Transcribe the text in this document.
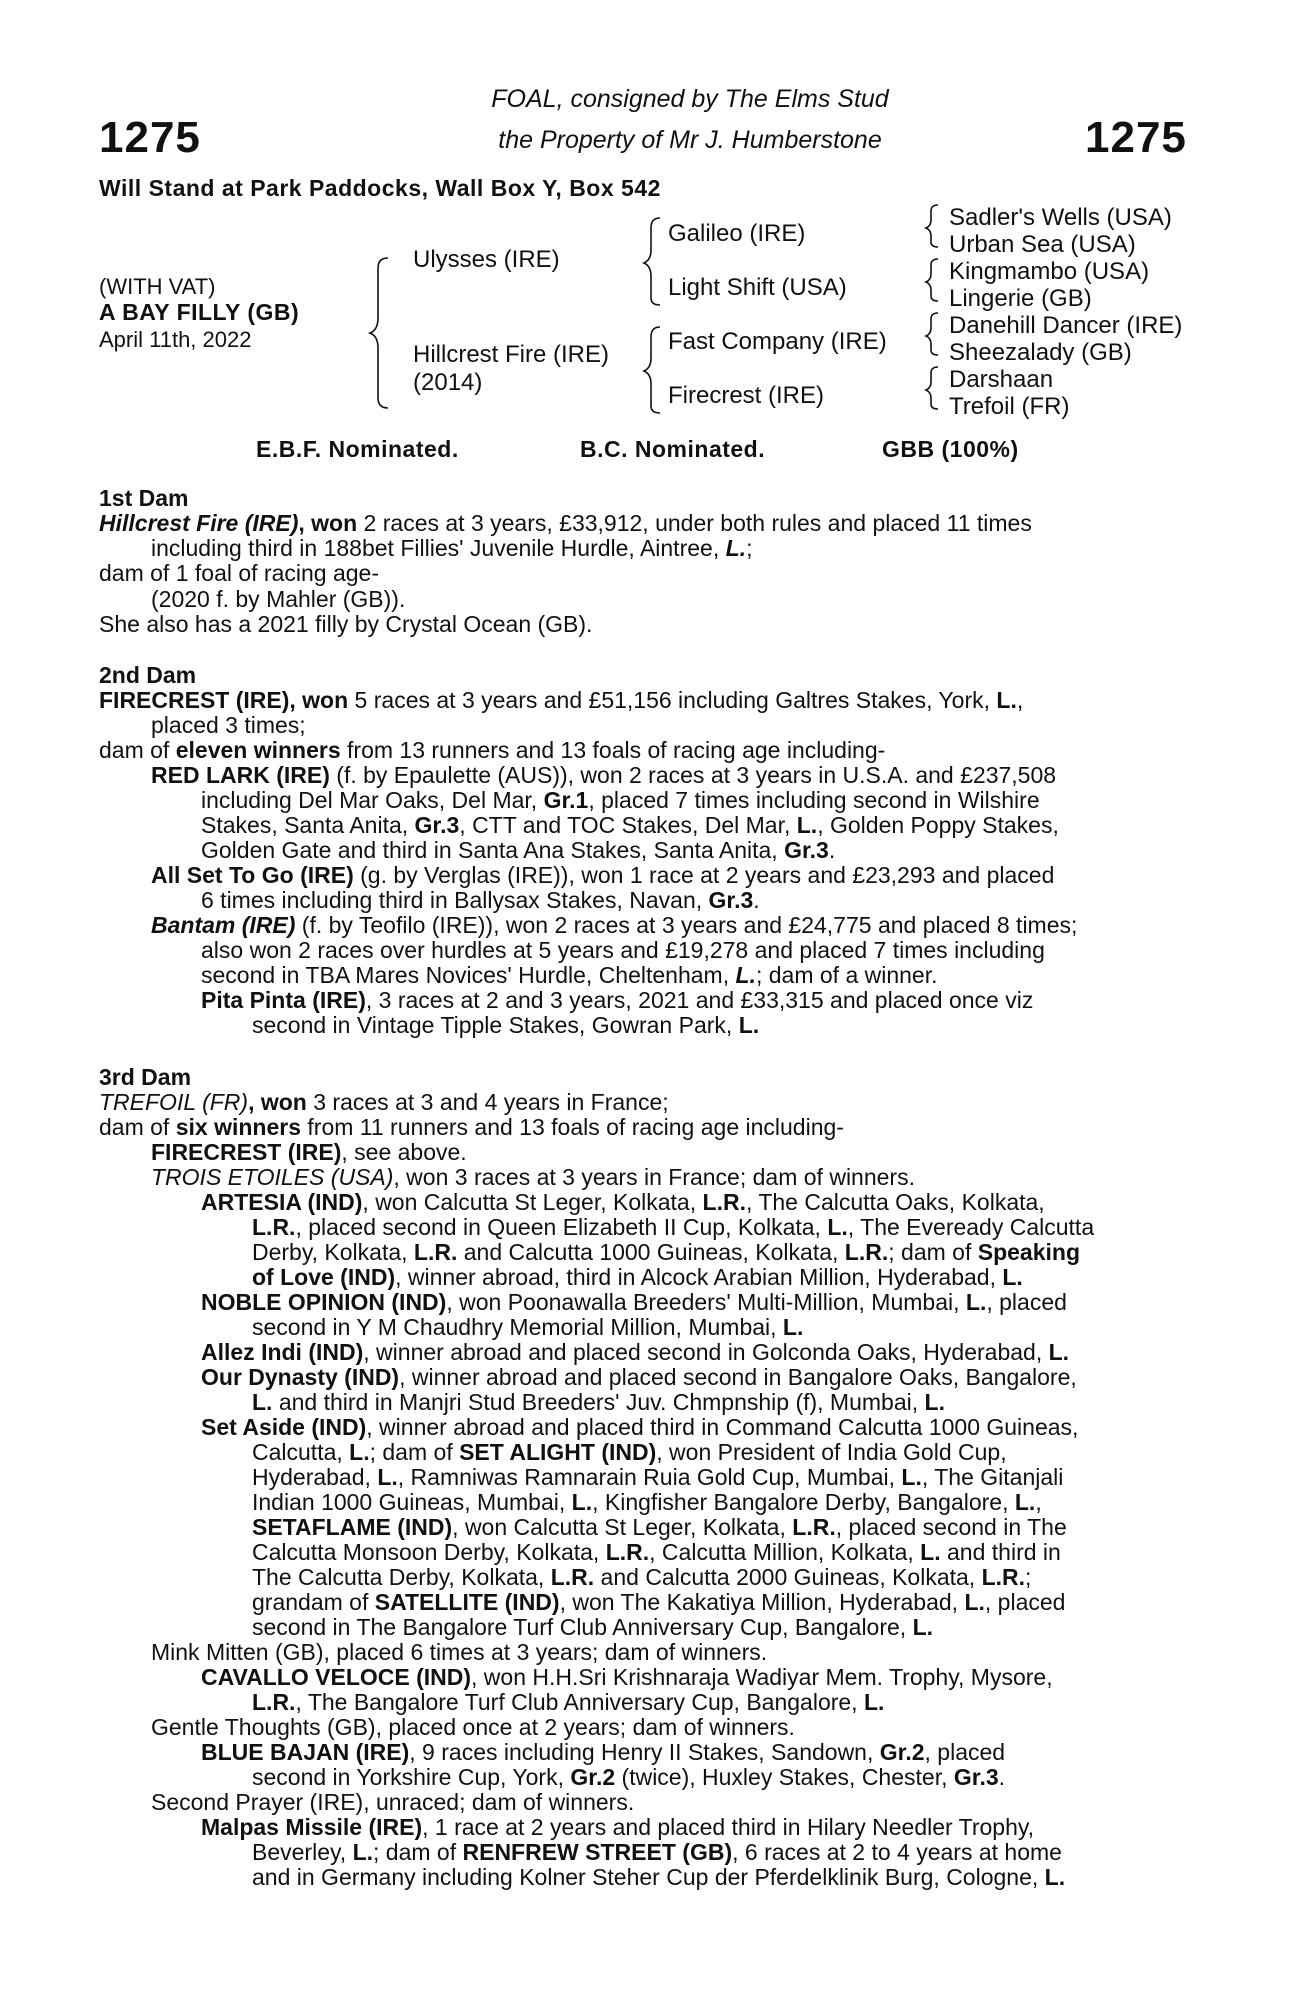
FOAL, consigned by The Elms Stud
1275	the Property of Mr J. Humberstone	1275
Will Stand at Park Paddocks, Wall Box Y, Box 542
(WITH VAT)
A BAY FILLY (GB)
April 11th, 2022
Ulysses (IRE)
Hillcrest Fire (IRE)
(2014)
Galileo (IRE)
Light Shift (USA)
Fast Company (IRE)
Firecrest (IRE)
Sadler's Wells (USA)
Urban Sea (USA)
Kingmambo (USA)
Lingerie (GB)
Danehill Dancer (IRE)
Sheezalady (GB)
Darshaan
Trefoil (FR)
E.B.F. Nominated.	B.C. Nominated.	GBB (100%)
1st Dam
Hillcrest Fire (IRE), won 2 races at 3 years, £33,912, under both rules and placed 11 times
including third in 188bet Fillies' Juvenile Hurdle, Aintree, L.;
dam of 1 foal of racing age-
(2020 f. by Mahler (GB)).
She also has a 2021 filly by Crystal Ocean (GB).
2nd Dam
FIRECREST (IRE), won 5 races at 3 years and £51,156 including Galtres Stakes, York, L.,
placed 3 times;
dam of eleven winners from 13 runners and 13 foals of racing age including-
RED LARK (IRE) (f. by Epaulette (AUS)), won 2 races at 3 years in U.S.A. and £237,508
including Del Mar Oaks, Del Mar, Gr.1, placed 7 times including second in Wilshire
Stakes, Santa Anita, Gr.3, CTT and TOC Stakes, Del Mar, L., Golden Poppy Stakes,
Golden Gate and third in Santa Ana Stakes, Santa Anita, Gr.3.
All Set To Go (IRE) (g. by Verglas (IRE)), won 1 race at 2 years and £23,293 and placed
6 times including third in Ballysax Stakes, Navan, Gr.3.
Bantam (IRE) (f. by Teofilo (IRE)), won 2 races at 3 years and £24,775 and placed 8 times;
also won 2 races over hurdles at 5 years and £19,278 and placed 7 times including
second in TBA Mares Novices' Hurdle, Cheltenham, L.; dam of a winner.
Pita Pinta (IRE), 3 races at 2 and 3 years, 2021 and £33,315 and placed once viz
second in Vintage Tipple Stakes, Gowran Park, L.
3rd Dam
TREFOIL (FR), won 3 races at 3 and 4 years in France;
dam of six winners from 11 runners and 13 foals of racing age including-
FIRECREST (IRE), see above.
TROIS ETOILES (USA), won 3 races at 3 years in France; dam of winners.
ARTESIA (IND), won Calcutta St Leger, Kolkata, L.R., The Calcutta Oaks, Kolkata,
L.R., placed second in Queen Elizabeth II Cup, Kolkata, L., The Eveready Calcutta
Derby, Kolkata, L.R. and Calcutta 1000 Guineas, Kolkata, L.R.; dam of Speaking
of Love (IND), winner abroad, third in Alcock Arabian Million, Hyderabad, L.
NOBLE OPINION (IND), won Poonawalla Breeders' Multi-Million, Mumbai, L., placed
second in Y M Chaudhry Memorial Million, Mumbai, L.
Allez Indi (IND), winner abroad and placed second in Golconda Oaks, Hyderabad, L.
Our Dynasty (IND), winner abroad and placed second in Bangalore Oaks, Bangalore,
L. and third in Manjri Stud Breeders' Juv. Chmpnship (f), Mumbai, L.
Set Aside (IND), winner abroad and placed third in Command Calcutta 1000 Guineas,
Calcutta, L.; dam of SET ALIGHT (IND), won President of India Gold Cup,
Hyderabad, L., Ramniwas Ramnarain Ruia Gold Cup, Mumbai, L., The Gitanjali
Indian 1000 Guineas, Mumbai, L., Kingfisher Bangalore Derby, Bangalore, L.,
SETAFLAME (IND), won Calcutta St Leger, Kolkata, L.R., placed second in The
Calcutta Monsoon Derby, Kolkata, L.R., Calcutta Million, Kolkata, L. and third in
The Calcutta Derby, Kolkata, L.R. and Calcutta 2000 Guineas, Kolkata, L.R.;
grandam of SATELLITE (IND), won The Kakatiya Million, Hyderabad, L., placed
second in The Bangalore Turf Club Anniversary Cup, Bangalore, L.
Mink Mitten (GB), placed 6 times at 3 years; dam of winners.
CAVALLO VELOCE (IND), won H.H.Sri Krishnaraja Wadiyar Mem. Trophy, Mysore,
L.R., The Bangalore Turf Club Anniversary Cup, Bangalore, L.
Gentle Thoughts (GB), placed once at 2 years; dam of winners.
BLUE BAJAN (IRE), 9 races including Henry II Stakes, Sandown, Gr.2, placed
second in Yorkshire Cup, York, Gr.2 (twice), Huxley Stakes, Chester, Gr.3.
Second Prayer (IRE), unraced; dam of winners.
Malpas Missile (IRE), 1 race at 2 years and placed third in Hilary Needler Trophy,
Beverley, L.; dam of RENFREW STREET (GB), 6 races at 2 to 4 years at home
and in Germany including Kolner Steher Cup der Pferdelklinik Burg, Cologne, L.
